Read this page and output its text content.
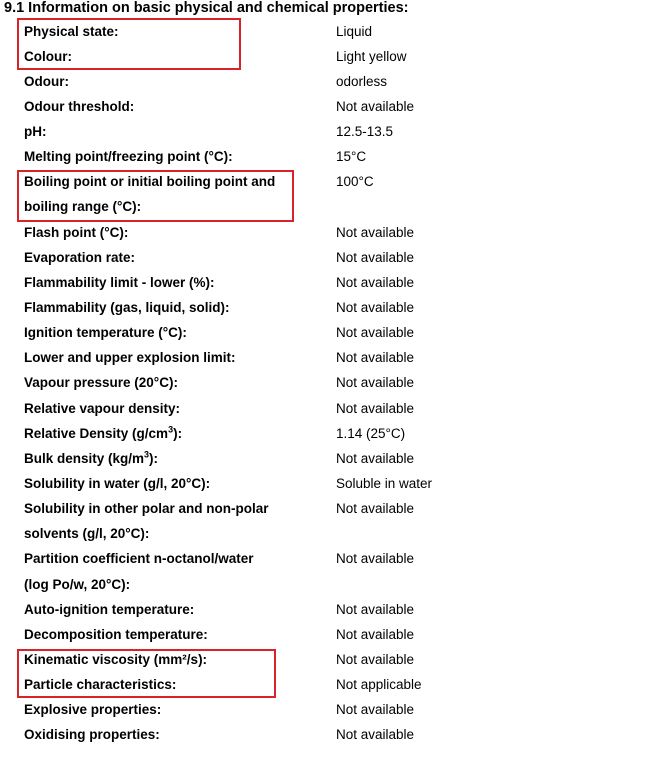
9.1 Information on basic physical and chemical properties:
Physical state:	Liquid
Colour:	Light yellow
Odour:	odorless
Odour threshold:	Not available
pH:	12.5-13.5
Melting point/freezing point (°C):	15°C
Boiling point or initial boiling point and
boiling range (°C):
100°C
Flash point (°C):	Not available
Evaporation rate:	Not available
Flammability limit - lower (%):	Not available
Flammability (gas, liquid, solid):	Not available
Ignition temperature (°C):	Not available
Lower and upper explosion limit:	Not available
Vapour pressure (20°C):	Not available
Relative vapour density:	Not available
Relative Density $(g/cm^3)$:	1.14 (25°C)
Bulk density $(kg/m^3)$:	Not available
Solubility in water (g/l, 20°C):	Soluble in water
Solubility in other polar and non-polar
solvents (g/l, 20°C):
Not available
Partition coefficient n-octanol/water
(log Po/w, 20°C):
Not available
Auto-ignition temperature:	Not available
Decomposition temperature:	Not available
Kinematic viscosity (mm²/s):	Not available
Particle characteristics:	Not applicable
Explosive properties:	Not available
Oxidising properties:	Not available
